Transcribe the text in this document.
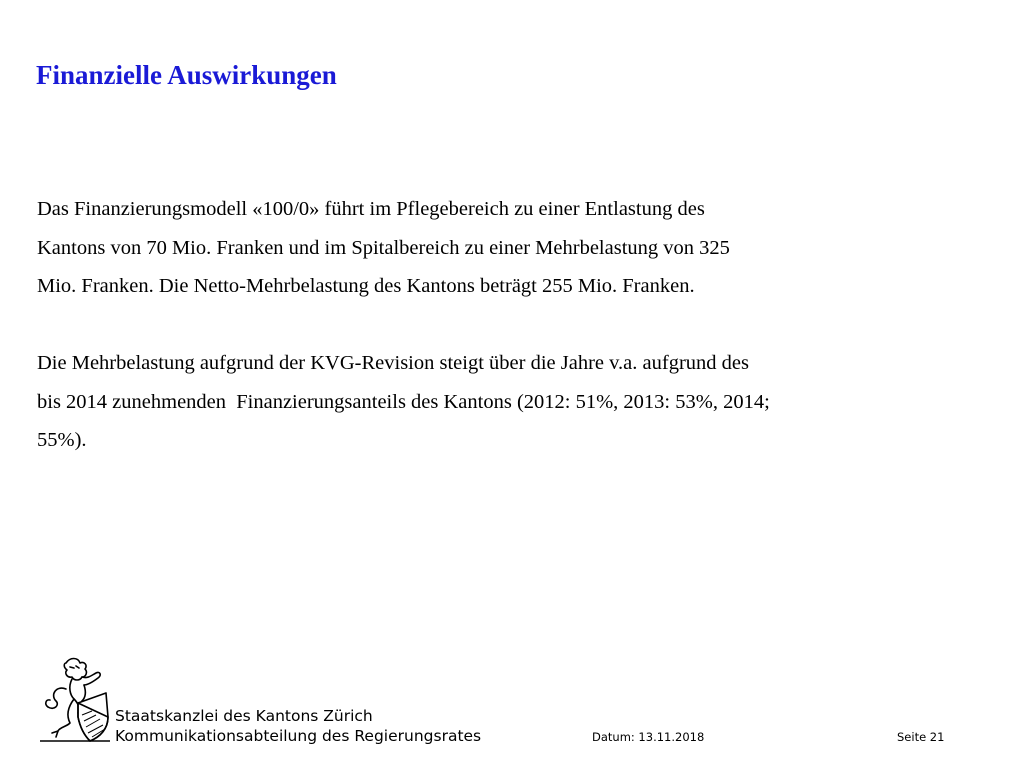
Finanzielle Auswirkungen
Das Finanzierungsmodell «100/0» führt im Pflegebereich zu einer Entlastung des
Kantons von 70 Mio. Franken und im Spitalbereich zu einer Mehrbelastung von 325
Mio. Franken. Die Netto-Mehrbelastung des Kantons beträgt 255 Mio. Franken.
Die Mehrbelastung aufgrund der KVG-Revision steigt über die Jahre v.a. aufgrund des
bis 2014 zunehmenden  Finanzierungsanteils des Kantons (2012: 51%, 2013: 53%, 2014;
55%).
Staatskanzlei des Kantons Zürich
Kommunikationsabteilung des Regierungsrates	Datum: 13.11.2018	Seite 21
